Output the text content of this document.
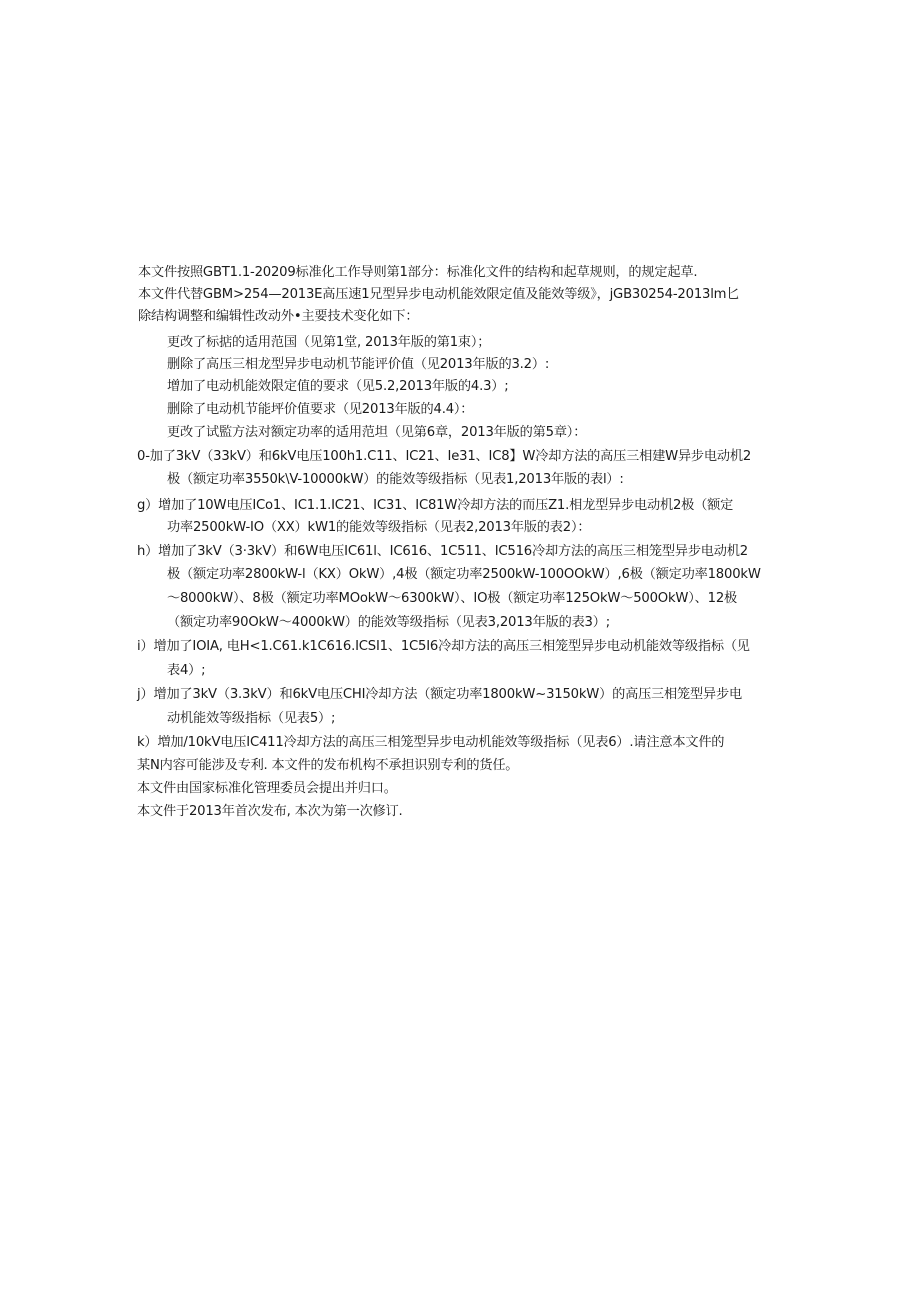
本文件按照GBT1.1-20209标准化工作导则第1部分：标准化文件的结构和起草规则，的规定起草.
本文件代替GBM>254—2013E高压速1兄型异步电动机能效限定值及能效等级》，jGB30254-2013lm匕
除结构调整和编辑性改动外•主要技术变化如下：
更改了标掂的适用范国（见第1堂, 2013年版的第1束）；
删除了高压三相龙型异步电动机节能评价值（见2013年版的3.2）:
增加了电动机能效限定值的要求（见5.2,2013年版的4.3）;
删除了电动机节能坪价值要求（见2013年版的4.4）：
更改了试監方法对额定功率的适用范坦（见第6章，2013年版的第5章）：
0-加了3kV（33kV）和6kV电压100h1.C11、IC21、Ie31、IC8】W冷却方法的高压三相建W异步电动机2
极（额定功率3550k\V-10000kW）的能效等级指标（见表1,2013年版的表l）:
g）增加了10W电压ICo1、IC1.1.IC21、IC31、IC81W冷却方法的而压Z1.相龙型异步电动机2极（额定
功率2500kW-IO（XX）kW1的能效等级指标（见表2,2013年版的表2）：
h）增加了3kV（3·3kV）和6W电压IC61l、IC616、1C511、IC516冷却方法的高压三相笼型异步电动机2
极（额定功率2800kW-l（KX）OkW）,4极（额定功率2500kW-100OOkW）,6极（额定功率1800kW
～8000kW）、8极（额定功率MOokW～6300kW）、IO极（额定功率125OkW～500OkW）、12极
（额定功率90OkW～4000kW）的能效等级指标（见表3,2013年版的表3）;
i）增加了IOIA, 电H<1.C61.k1C616.ICSI1、1C5I6冷却方法的高压三相笼型异步电动机能效等级指标（见
表4）;
j）增加了3kV（3.3kV）和6kV电压CHI冷却方法（额定功率1800kW~3150kW）的高压三相笼型异步电
动机能效等级指标（见表5）;
k）増加/10kV电压IC411冷却方法的高压三相笼型异步电动机能效等级指标（见表6）.请注意本文件的
某N内容可能涉及专利. 本文件的发布机构不承担识别专利的货任。
本文件由国家标准化管理委员会提出并归口。
本文件于2013年首次发布, 本次为第一次修订.
